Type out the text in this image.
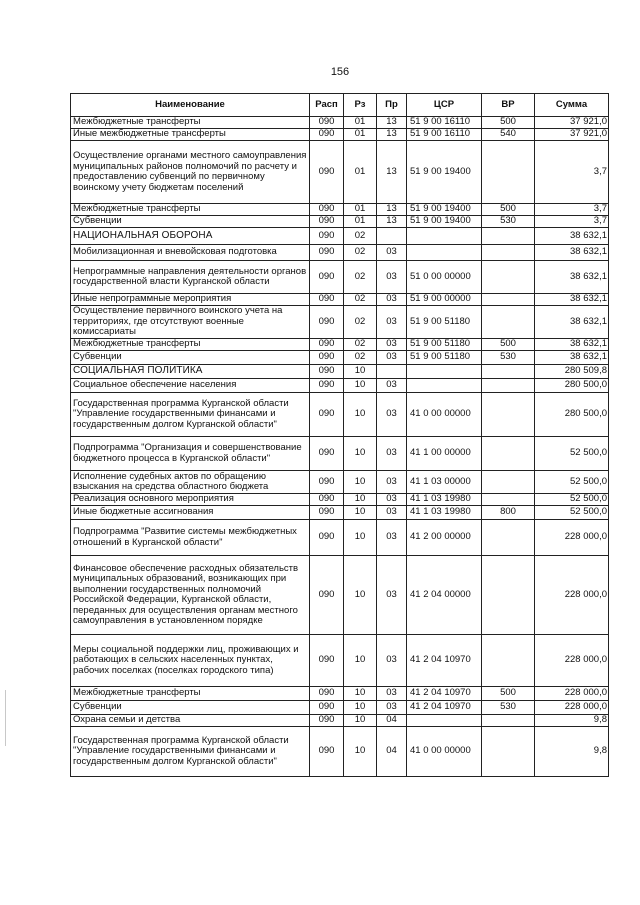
156
Наименование	Расп	Рз	Пр	ЦСР	ВР	Сумма
Межбюджетные трансферты	090	01	13	51 9 00 16110	500	37 921,0
Иные межбюджетные трансферты	090	01	13	51 9 00 16110	540	37 921,0
Осуществление органами местного самоуправления муниципальных районов полномочий по расчету и предоставлению субвенций по первичному воинскому учету бюджетам поселений	090	01	13	51 9 00 19400		3,7
Межбюджетные трансферты	090	01	13	51 9 00 19400	500	3,7
Субвенции	090	01	13	51 9 00 19400	530	3,7
НАЦИОНАЛЬНАЯ ОБОРОНА	090	02				38 632,1
Мобилизационная и вневойсковая подготовка	090	02	03			38 632,1
Непрограммные направления деятельности органов государственной власти Курганской области	090	02	03	51 0 00 00000		38 632,1
Иные непрограммные мероприятия	090	02	03	51 9 00 00000		38 632,1
Осуществление первичного воинского учета на территориях, где отсутствуют военные комиссариаты	090	02	03	51 9 00 51180		38 632,1
Межбюджетные трансферты	090	02	03	51 9 00 51180	500	38 632,1
Субвенции	090	02	03	51 9 00 51180	530	38 632,1
СОЦИАЛЬНАЯ ПОЛИТИКА	090	10				280 509,8
Социальное обеспечение населения	090	10	03			280 500,0
Государственная программа Курганской области "Управление государственными финансами и государственным долгом Курганской области"	090	10	03	41 0 00 00000		280 500,0
Подпрограмма "Организация и совершенствование бюджетного процесса в Курганской области"	090	10	03	41 1 00 00000		52 500,0
Исполнение судебных актов по обращению взыскания на средства областного бюджета	090	10	03	41 1 03 00000		52 500,0
Реализация основного мероприятия	090	10	03	41 1 03 19980		52 500,0
Иные бюджетные ассигнования	090	10	03	41 1 03 19980	800	52 500,0
Подпрограмма "Развитие системы межбюджетных отношений в Курганской области"	090	10	03	41 2 00 00000		228 000,0
Финансовое обеспечение расходных обязательств муниципальных образований, возникающих при выполнении государственных полномочий Российской Федерации, Курганской области, переданных для осуществления органам местного самоуправления в установленном порядке	090	10	03	41 2 04 00000		228 000,0
Меры социальной поддержки лиц, проживающих и работающих в сельских населенных пунктах, рабочих поселках (поселках городского типа)	090	10	03	41 2 04 10970		228 000,0
Межбюджетные трансферты	090	10	03	41 2 04 10970	500	228 000,0
Субвенции	090	10	03	41 2 04 10970	530	228 000,0
Охрана семьи и детства	090	10	04			9,8
Государственная программа Курганской области "Управление государственными финансами и государственным долгом Курганской области"	090	10	04	41 0 00 00000		9,8
